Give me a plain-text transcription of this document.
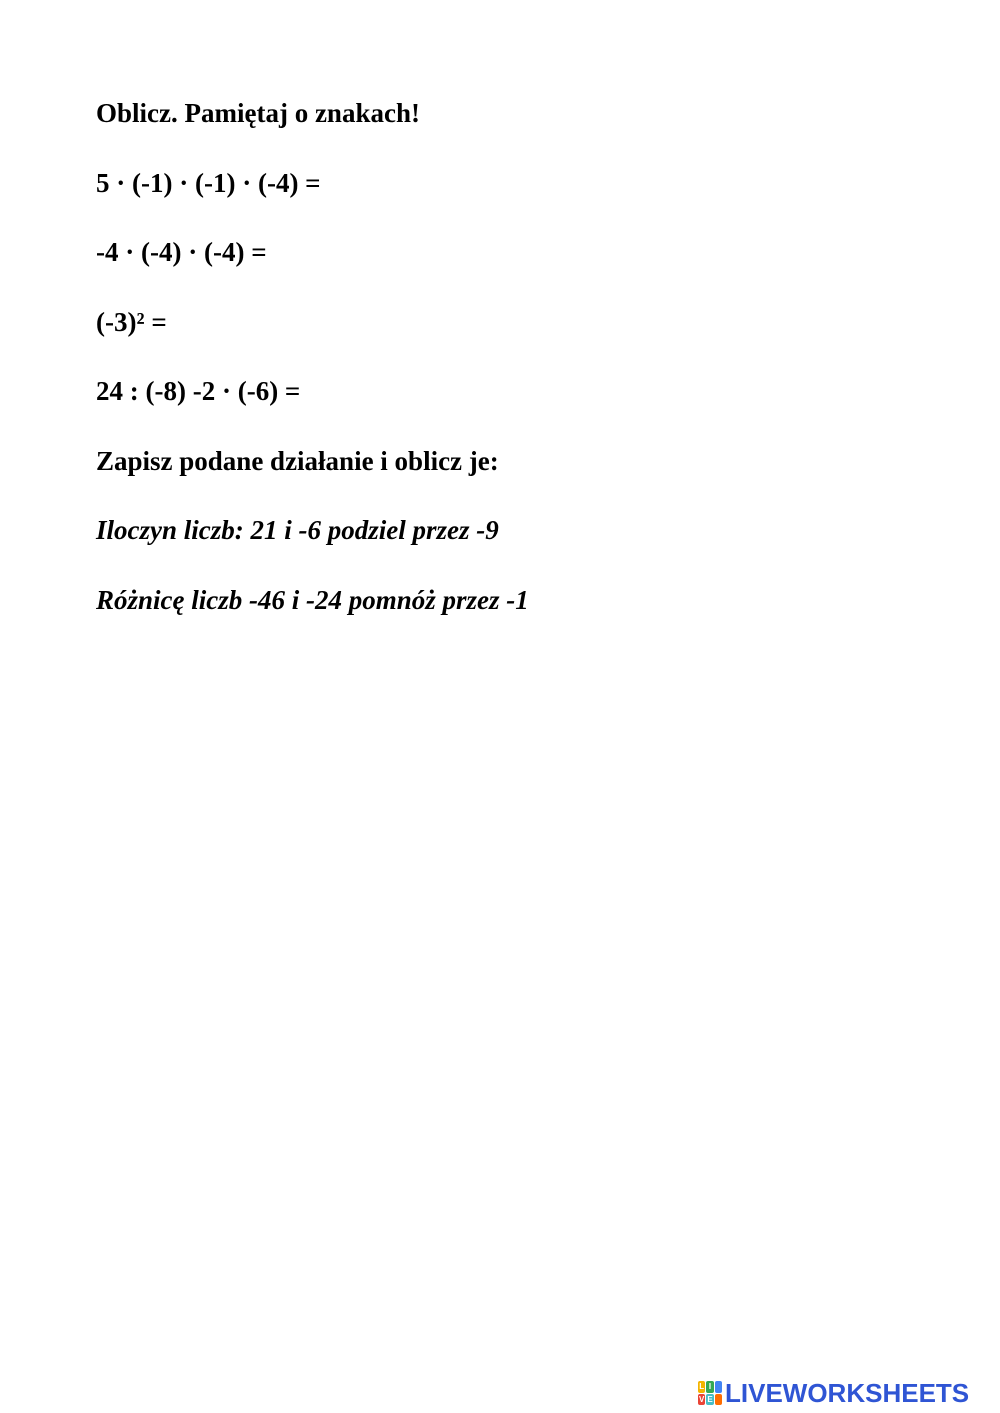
Oblicz. Pamiętaj o znakach!
5 · (-1) · (-1) · (-4) =
-4 · (-4) · (-4) =
(-3)² =
24 : (-8) -2 · (-6) =
Zapisz podane działanie i oblicz je:
Iloczyn liczb: 21 i -6 podziel przez -9
Różnicę liczb -46 i -24 pomnóż przez -1
L I
V E LIVEWORKSHEETS
